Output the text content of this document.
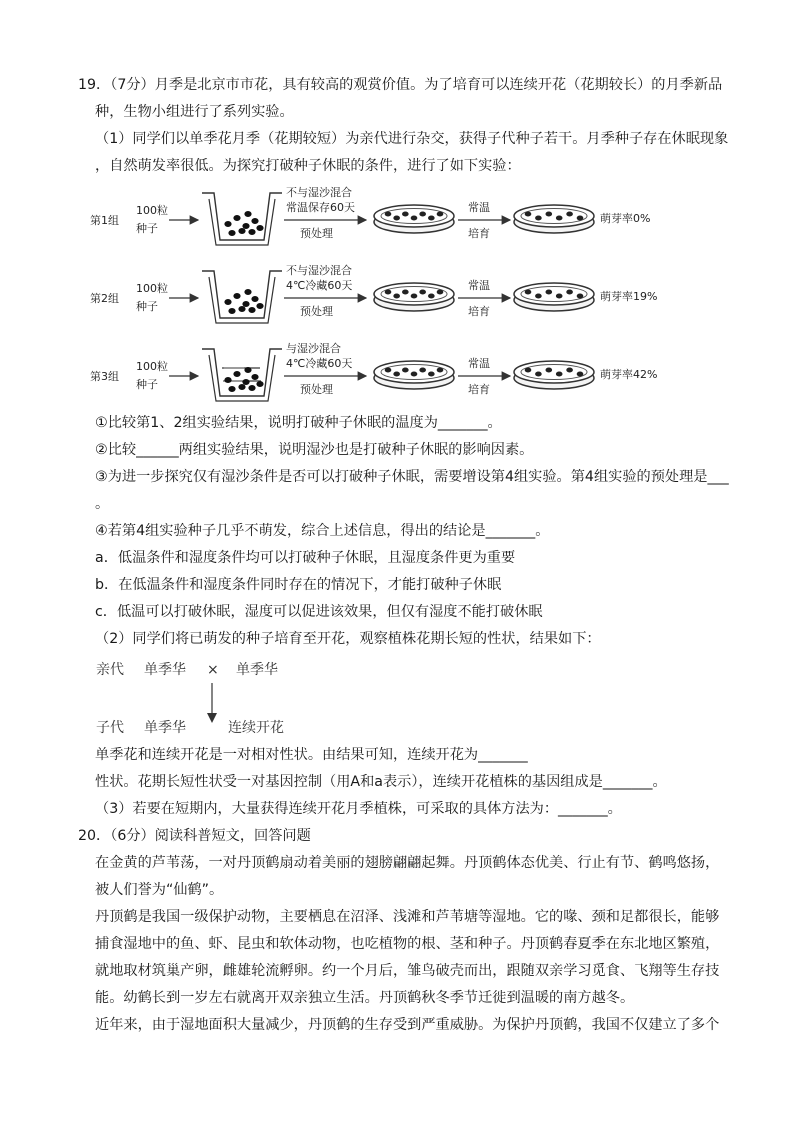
19．（7分）月季是北京市市花，具有较高的观赏价值。为了培育可以连续开花（花期较长）的月季新品
种，生物小组进行了系列实验。
（1）同学们以单季花月季（花期较短）为亲代进行杂交，获得子代种子若干。月季种子存在休眠现象
，自然萌发率很低。为探究打破种子休眠的条件，进行了如下实验：
第1组
100粒
种子
不与湿沙混合
常温保存60天
预处理
常温
培育
萌芽率0%
第2组
100粒
种子
不与湿沙混合
4℃冷藏60天
预处理
常温
培育
萌芽率19%
第3组
100粒
种子
与湿沙混合
4℃冷藏60天
预处理
常温
培育
萌芽率42%
①比较第1、2组实验结果，说明打破种子休眠的温度为_______。
②比较______两组实验结果，说明湿沙也是打破种子休眠的影响因素。
③为进一步探究仅有湿沙条件是否可以打破种子休眠，需要增设第4组实验。第4组实验的预处理是___
。
④若第4组实验种子几乎不萌发，综合上述信息，得出的结论是_______。
a．低温条件和湿度条件均可以打破种子休眠，且湿度条件更为重要
b．在低温条件和湿度条件同时存在的情况下，才能打破种子休眠
c．低温可以打破休眠，湿度可以促进该效果，但仅有湿度不能打破休眠
（2）同学们将已萌发的种子培育至开花，观察植株花期长短的性状，结果如下：
亲代 单季华 × 单季华
子代 单季华	连续开花
单季花和连续开花是一对相对性状。由结果可知，连续开花为_______
性状。花期长短性状受一对基因控制（用A和a表示），连续开花植株的基因组成是_______。
（3）若要在短期内，大量获得连续开花月季植株，可采取的具体方法为：_______。
20．（6分）阅读科普短文，回答问题
在金黄的芦苇荡，一对丹顶鹤扇动着美丽的翅膀翩翩起舞。丹顶鹤体态优美、行止有节、鹤鸣悠扬，
被人们誉为“仙鹤”。
丹顶鹤是我国一级保护动物，主要栖息在沼泽、浅滩和芦苇塘等湿地。它的喙、颈和足都很长，能够
捕食湿地中的鱼、虾、昆虫和软体动物，也吃植物的根、茎和种子。丹顶鹤春夏季在东北地区繁殖，
就地取材筑巢产卵，雌雄轮流孵卵。约一个月后，雏鸟破壳而出，跟随双亲学习觅食、飞翔等生存技
能。幼鹤长到一岁左右就离开双亲独立生活。丹顶鹤秋冬季节迁徙到温暖的南方越冬。
近年来，由于湿地面积大量减少，丹顶鹤的生存受到严重威胁。为保护丹顶鹤，我国不仅建立了多个
